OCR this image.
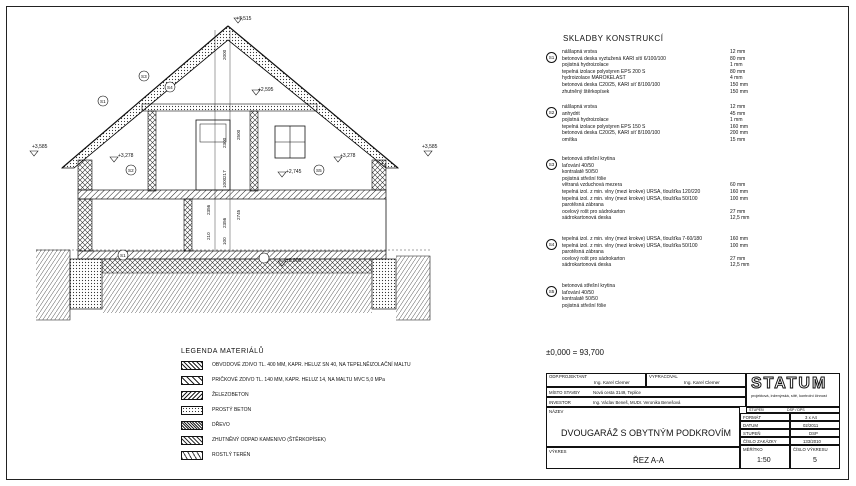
+7,515
+3,585	+3,585
+3,278	+3,278
+2,745
+2,595
±0,000
S1
S2
S3
S4
S5
S1
SKLADBY KONSTRUKCÍ
S1
nášlapná vrstva	12 mm
betonová deska vyztužená KARI sítí 6/100/100	80 mm
pojistná hydroizolace	1 mm
tepelná izolace polystyren EPS 200 S	80 mm
hydroizolace MAROKELAST	4 mm
betonová deska C20/25, KARI síť 8/100/100	150 mm
zhutněný štěrkopísek	150 mm
S2
nášlapná vrstva	12 mm
anhydrit	45 mm
pojistná hydroizolace	1 mm
tepelná izolace polystyren EPS 150 S	160 mm
betonová deska C20/25, KARI síť 8/100/100	200 mm
omítka	15 mm
S3
betonová střešní krytina
laťování 40/50
kontralatě 50/50
pojistná střešní fólie
větraná vzduchová mezera	60 mm
tepelná izol. z min. vlny (mezi krokve) URSA, tloušťka 120/220	160 mm
tepelná izol. z min. vlny (mezi krokve) URSA, tloušťka 50/100	100 mm
parotěsná zábrana
ocelový rošt pro sádrokarton	27 mm
sádrokartonová deska	12,5 mm
S4
tepelná izol. z min. vlny (mezi krokve) URSA, tloušťka 7-60/180	160 mm
tepelná izol. z min. vlny (mezi krokve) URSA, tloušťka 50/100	100 mm
parotěsná zábrana
ocelový rošt pro sádrokarton	27 mm
sádrokartonová deska	12,5 mm
S5
betonová střešní krytina
laťování 40/50
kontralatě 50/50
pojistná střešní fólie
±0,000 = 93,700
LEGENDA MATERIÁLŮ
OBVODOVÉ ZDIVO TL. 400 MM, KAPR. HELUZ SN 40, NA TEPELNĚIZOLAČNÍ MALTU
PRIČKOVÉ ZDIVO TL. 140 MM, KAPR. HELUZ 14, NA MALTU MVC 5,0 MPa
ŽELEZOBETON
PROSTÝ BETON
DŘEVO
ZHUTNĚNÝ ODPAD KAMENIVO (ŠTĚRKOPÍSEK)
ROSTLÝ TERÉN
ODP.PROJEKTANT	VYPRACOVAL
Ing. Karel Clemer	Ing. Karel Clemer STATUM
projektová, inženýrská, sítě, kontrolní činnost
MÍSTO STAVBY	Nová cesta 3149, Teplice
INVESTOR	Ing. Václav Beneš, MUDr. Veronika Benešová
NÁZEV
DVOUGARÁŽ S OBYTNÝM PODKROVÍM
VÝKRES
ŘEZ A-A
STUPEŇ	DSP / DPS
FORMÁT	3 x A4
DATUM	02/2011
STUPEŇ	DSP
ČÍSLO ZAKÁZKY	133/2010
MĚŘÍTKO
1:50
ČÍSLO VÝKRESU
5
2000
2300
2500
1000
217
2356	2745
2356
210
100
